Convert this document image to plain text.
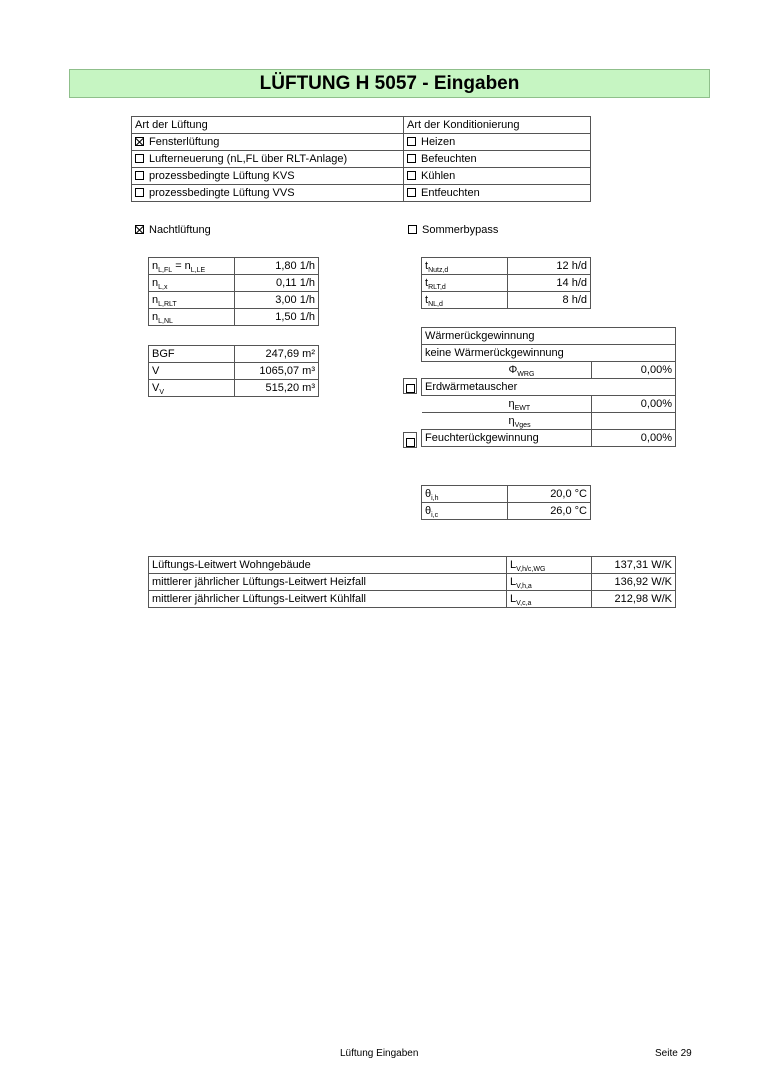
LÜFTUNG H 5057 - Eingaben
Art der Lüftung	Art der Konditionierung
Fensterlüftung	Heizen
Lufterneuerung (nL,FL über RLT-Anlage)	Befeuchten
prozessbedingte Lüftung KVS	Kühlen
prozessbedingte Lüftung VVS	Entfeuchten
Nachtlüftung	Sommerbypass
$n_{L,FL} = n_{L,LE}$	1,80 1/h
$n_{L,x}$	0,11 1/h
$n_{L,RLT}$	3,00 1/h
$n_{L,NL}$	1,50 1/h
$t_{Nutz,d}$	12 h/d
$t_{RLT,d}$	14 h/d
$t_{NL,d}$	8 h/d
BGF	247,69 m²
V	1065,07 m³
$V_V$	515,20 m³
Wärmerückgewinnung	
keine Wärmerückgewinnung	
$\Phi_{WRG}$	0,00%
Erdwärmetauscher	
$\eta_{EWT}$	0,00%
$\eta_{Vges}$	
Feuchterückgewinnung	0,00%
$\theta_{i,h}$	20,0 °C
$\theta_{i,c}$	26,0 °C
Lüftungs-Leitwert Wohngebäude	$L_{V,h/c,WG}$	137,31 W/K
mittlerer jährlicher Lüftungs-Leitwert Heizfall	$L_{V,h,a}$	136,92 W/K
mittlerer jährlicher Lüftungs-Leitwert Kühlfall	$L_{V,c,a}$	212,98 W/K
Lüftung Eingaben	Seite 29
